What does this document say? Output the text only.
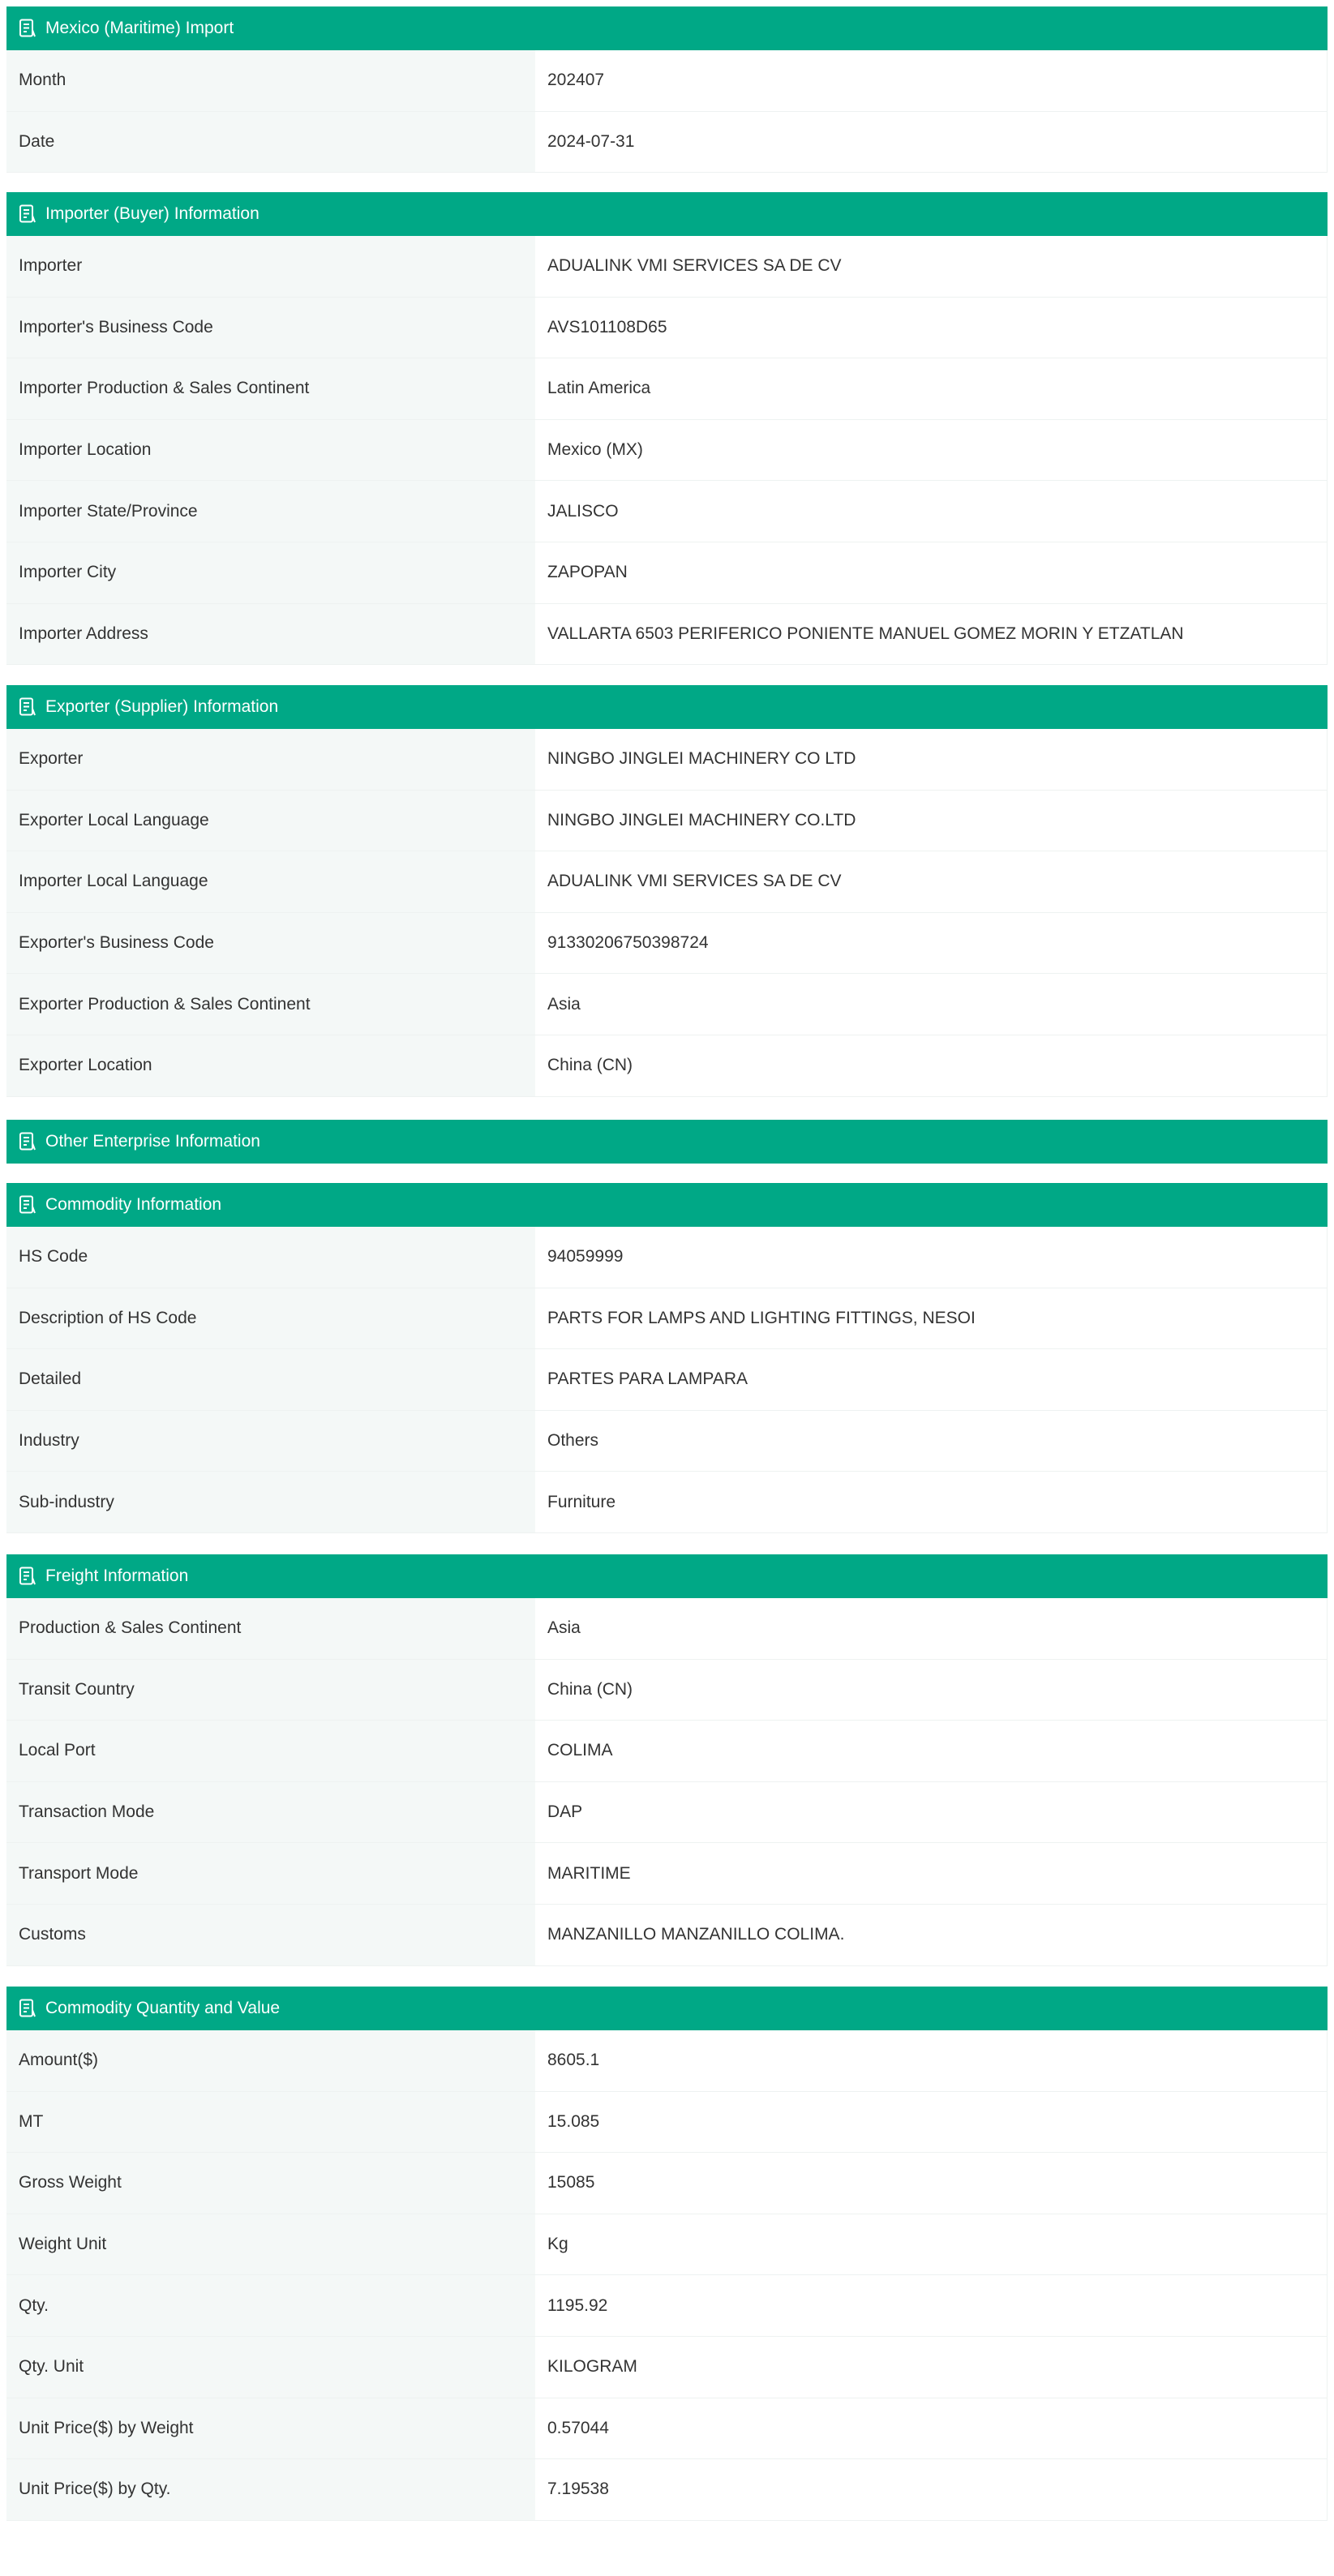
Mexico (Maritime) Import
Month	202407
Date	2024-07-31
Importer (Buyer) Information
Importer	ADUALINK VMI SERVICES SA DE CV
Importer's Business Code	AVS101108D65
Importer Production & Sales Continent	Latin America
Importer Location	Mexico (MX)
Importer State/Province	JALISCO
Importer City	ZAPOPAN
Importer Address	VALLARTA 6503 PERIFERICO PONIENTE MANUEL GOMEZ MORIN Y ETZATLAN
Exporter (Supplier) Information
Exporter	NINGBO JINGLEI MACHINERY CO LTD
Exporter Local Language	NINGBO JINGLEI MACHINERY CO.LTD
Importer Local Language	ADUALINK VMI SERVICES SA DE CV
Exporter's Business Code	91330206750398724
Exporter Production & Sales Continent	Asia
Exporter Location	China (CN)
Other Enterprise Information
Commodity Information
HS Code	94059999
Description of HS Code	PARTS FOR LAMPS AND LIGHTING FITTINGS, NESOI
Detailed	PARTES PARA LAMPARA
Industry	Others
Sub-industry	Furniture
Freight Information
Production & Sales Continent	Asia
Transit Country	China (CN)
Local Port	COLIMA
Transaction Mode	DAP
Transport Mode	MARITIME
Customs	MANZANILLO MANZANILLO COLIMA.
Commodity Quantity and Value
Amount($)	8605.1
MT	15.085
Gross Weight	15085
Weight Unit	Kg
Qty.	1195.92
Qty. Unit	KILOGRAM
Unit Price($) by Weight	0.57044
Unit Price($) by Qty.	7.19538
